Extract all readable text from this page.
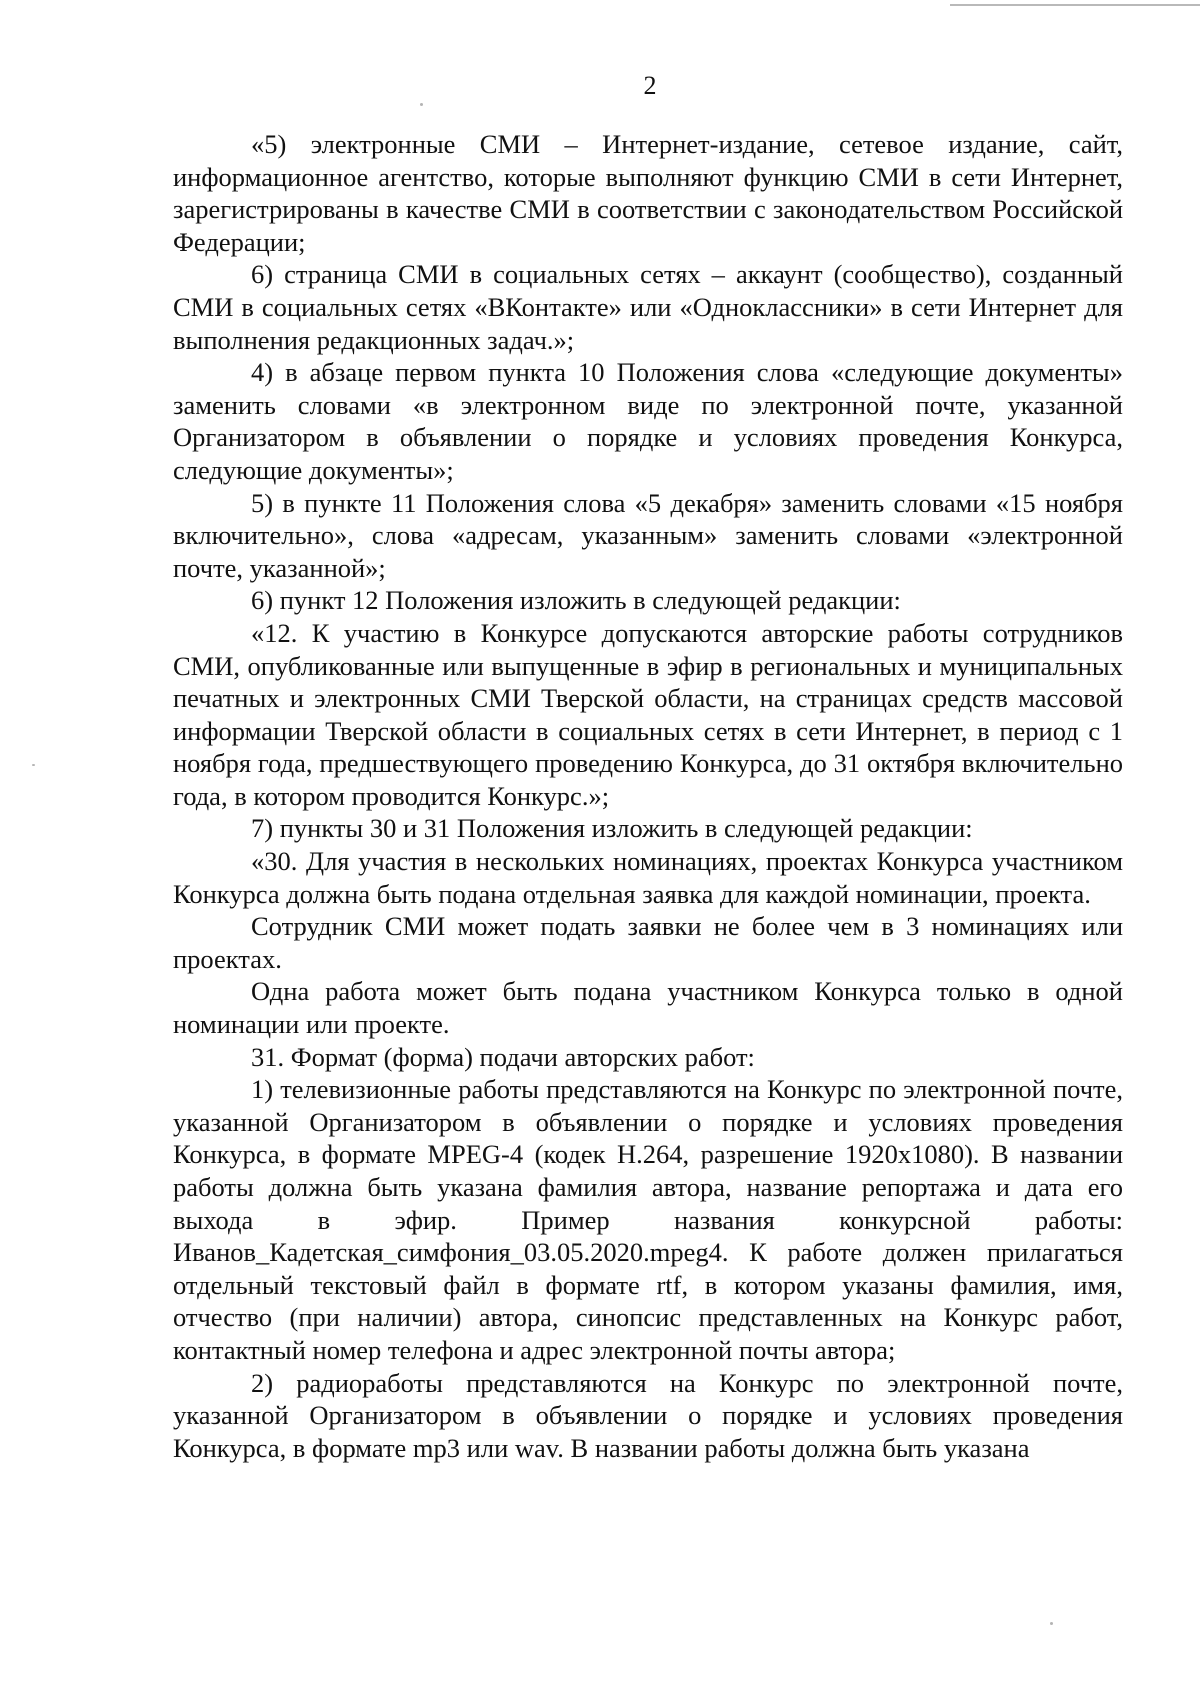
2

«5) электронные СМИ – Интернет-издание, сетевое издание, сайт, информационное агентство, которые выполняют функцию СМИ в сети Интернет, зарегистрированы в качестве СМИ в соответствии с законодательством Российской Федерации;

6) страница СМИ в социальных сетях – аккаунт (сообщество), созданный СМИ в социальных сетях «ВКонтакте» или «Одноклассники» в сети Интернет для выполнения редакционных задач.»;

4) в абзаце первом пункта 10 Положения слова «следующие документы» заменить словами «в электронном виде по электронной почте, указанной Организатором в объявлении о порядке и условиях проведения Конкурса, следующие документы»;

5) в пункте 11 Положения слова «5 декабря» заменить словами «15 ноября включительно», слова «адресам, указанным» заменить словами «электронной почте, указанной»;

6) пункт 12 Положения изложить в следующей редакции:

«12. К участию в Конкурсе допускаются авторские работы сотрудников СМИ, опубликованные или выпущенные в эфир в региональных и муниципальных печатных и электронных СМИ Тверской области, на страницах средств массовой информации Тверской области в социальных сетях в сети Интернет, в период с 1 ноября года, предшествующего проведению Конкурса, до 31 октября включительно года, в котором проводится Конкурс.»;

7) пункты 30 и 31 Положения изложить в следующей редакции:

«30. Для участия в нескольких номинациях, проектах Конкурса участником Конкурса должна быть подана отдельная заявка для каждой номинации, проекта.

Сотрудник СМИ может подать заявки не более чем в 3 номинациях или проектах.

Одна работа может быть подана участником Конкурса только в одной номинации или проекте.

31. Формат (форма) подачи авторских работ:

1) телевизионные работы представляются на Конкурс по электронной почте, указанной Организатором в объявлении о порядке и условиях проведения Конкурса, в формате MPEG-4 (кодек H.264, разрешение 1920x1080). В названии работы должна быть указана фамилия автора, название репортажа и дата его выхода в эфир. Пример названия конкурсной работы: Иванов_Кадетская_симфония_03.05.2020.mpeg4. К работе должен прилагаться отдельный текстовый файл в формате rtf, в котором указаны фамилия, имя, отчество (при наличии) автора, синопсис представленных на Конкурс работ, контактный номер телефона и адрес электронной почты автора;

2) радиоработы представляются на Конкурс по электронной почте, указанной Организатором в объявлении о порядке и условиях проведения Конкурса, в формате mp3 или wav. В названии работы должна быть указана
